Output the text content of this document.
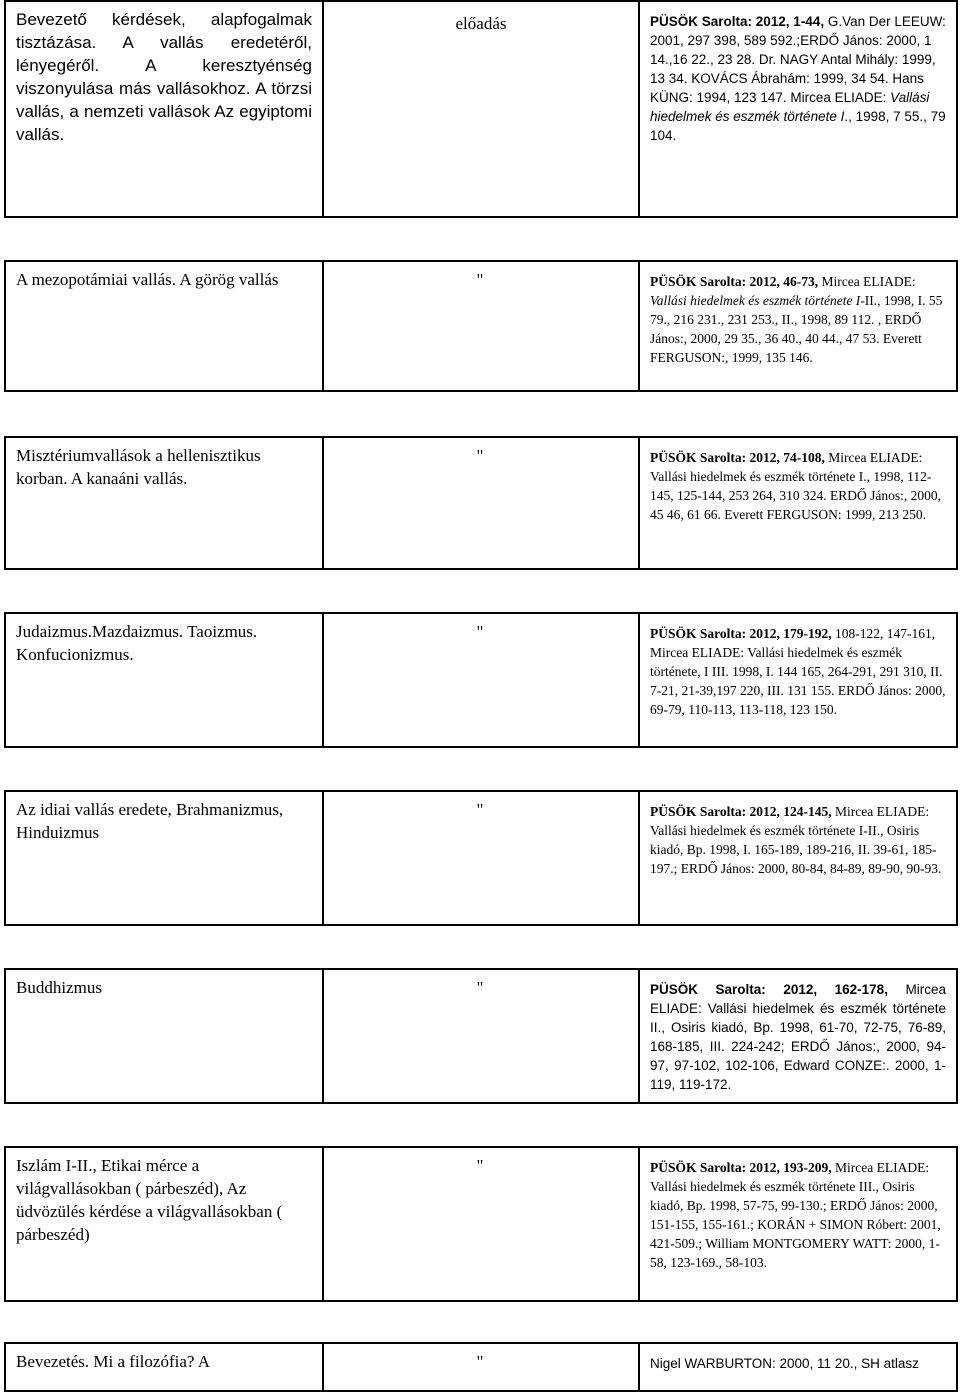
Bevezető kérdések, alapfogalmak tisztázása. A vallás eredetéről, lényegéről. A keresztyénség viszonyulása más vallásokhoz. A törzsi vallás, a nemzeti vallások Az egyiptomi vallás.	előadás	PÜSÖK Sarolta: 2012, 1-44, G.Van Der LEEUW: 2001, 297 398, 589 592.;ERDŐ János: 2000, 1 14.,16 22., 23 28. Dr. NAGY Antal Mihály: 1999, 13 34. KOVÁCS Ábrahám: 1999, 34 54. Hans KÜNG: 1994, 123 147. Mircea ELIADE: Vallási hiedelmek és eszmék története I., 1998, 7 55., 79 104.

A mezopotámiai vallás. A görög vallás	"	PÜSÖK Sarolta: 2012, 46-73, Mircea ELIADE: Vallási hiedelmek és eszmék története I-II., 1998, I. 55 79., 216 231., 231 253., II., 1998, 89 112. , ERDŐ János:, 2000, 29 35., 36 40., 40 44., 47 53. Everett FERGUSON:, 1999, 135 146.

Misztériumvallások a hellenisztikus korban. A kanaáni vallás.	"	PÜSÖK Sarolta: 2012, 74-108, Mircea ELIADE: Vallási hiedelmek és eszmék története I., 1998, 112-145, 125-144, 253 264, 310 324. ERDŐ János:, 2000, 45 46, 61 66. Everett FERGUSON: 1999, 213 250.

Judaizmus.Mazdaizmus. Taoizmus. Konfucionizmus.	"	PÜSÖK Sarolta: 2012, 179-192, 108-122, 147-161, Mircea ELIADE: Vallási hiedelmek és eszmék története, I III. 1998, I. 144 165, 264-291, 291 310, II. 7-21, 21-39,197 220, III. 131 155. ERDŐ János: 2000, 69-79, 110-113, 113-118, 123 150.

Az idiai vallás eredete, Brahmanizmus, Hinduizmus	"	PÜSÖK Sarolta: 2012, 124-145, Mircea ELIADE: Vallási hiedelmek és eszmék története I-II., Osiris kiadó, Bp. 1998, I. 165-189, 189-216, II. 39-61, 185-197.; ERDŐ János: 2000, 80-84, 84-89, 89-90, 90-93.

Buddhizmus	"	PÜSÖK Sarolta: 2012, 162-178, Mircea ELIADE: Vallási hiedelmek és eszmék története II., Osiris kiadó, Bp. 1998, 61-70, 72-75, 76-89, 168-185, III. 224-242; ERDŐ János:, 2000, 94-97, 97-102, 102-106, Edward CONZE:. 2000, 1-119, 119-172.

Iszlám I-II., Etikai mérce a világvallásokban ( párbeszéd), Az üdvözülés kérdése a világvallásokban ( párbeszéd)	"	PÜSÖK Sarolta: 2012, 193-209, Mircea ELIADE: Vallási hiedelmek és eszmék története III., Osiris kiadó, Bp. 1998, 57-75, 99-130.; ERDŐ János: 2000, 151-155, 155-161.; KORÁN + SIMON Róbert: 2001, 421-509.; William MONTGOMERY WATT: 2000, 1-58, 123-169., 58-103.

Bevezetés. Mi a filozófia? A	"	Nigel WARBURTON: 2000, 11 20., SH atlasz
